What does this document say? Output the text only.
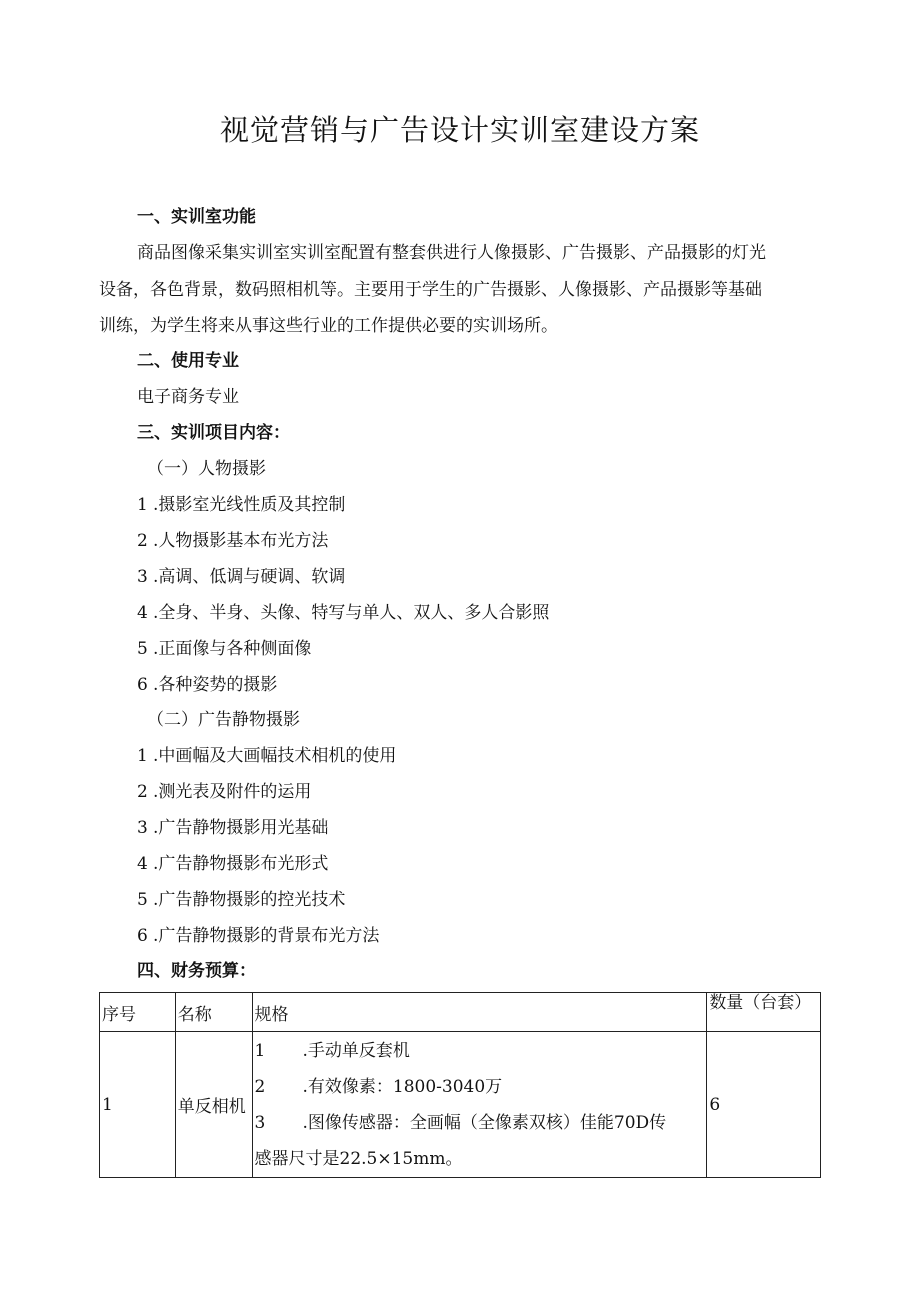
视觉营销与广告设计实训室建设方案
一、实训室功能
商品图像采集实训室实训室配置有整套供进行人像摄影、广告摄影、产品摄影的灯光
设备，各色背景，数码照相机等。主要用于学生的广告摄影、人像摄影、产品摄影等基础
训练，为学生将来从事这些行业的工作提供必要的实训场所。
二、使用专业
电子商务专业
三、实训项目内容：
（一）人物摄影
1 .摄影室光线性质及其控制
2 .人物摄影基本布光方法
3 .高调、低调与硬调、软调
4 .全身、半身、头像、特写与单人、双人、多人合影照
5 .正面像与各种侧面像
6 .各种姿势的摄影
（二）广告静物摄影
1 .中画幅及大画幅技术相机的使用
2 .测光表及附件的运用
3 .广告静物摄影用光基础
4 .广告静物摄影布光形式
5 .广告静物摄影的控光技术
6 .广告静物摄影的背景布光方法
四、财务预算：
序号	名称	规格	数量（台套）

1	单反相机	1 .手动单反套机
2 .有效像素：1800-3040万
3 .图像传感器：全画幅（全像素双核）佳能70D传
感器尺寸是22.5×15mm。	6
